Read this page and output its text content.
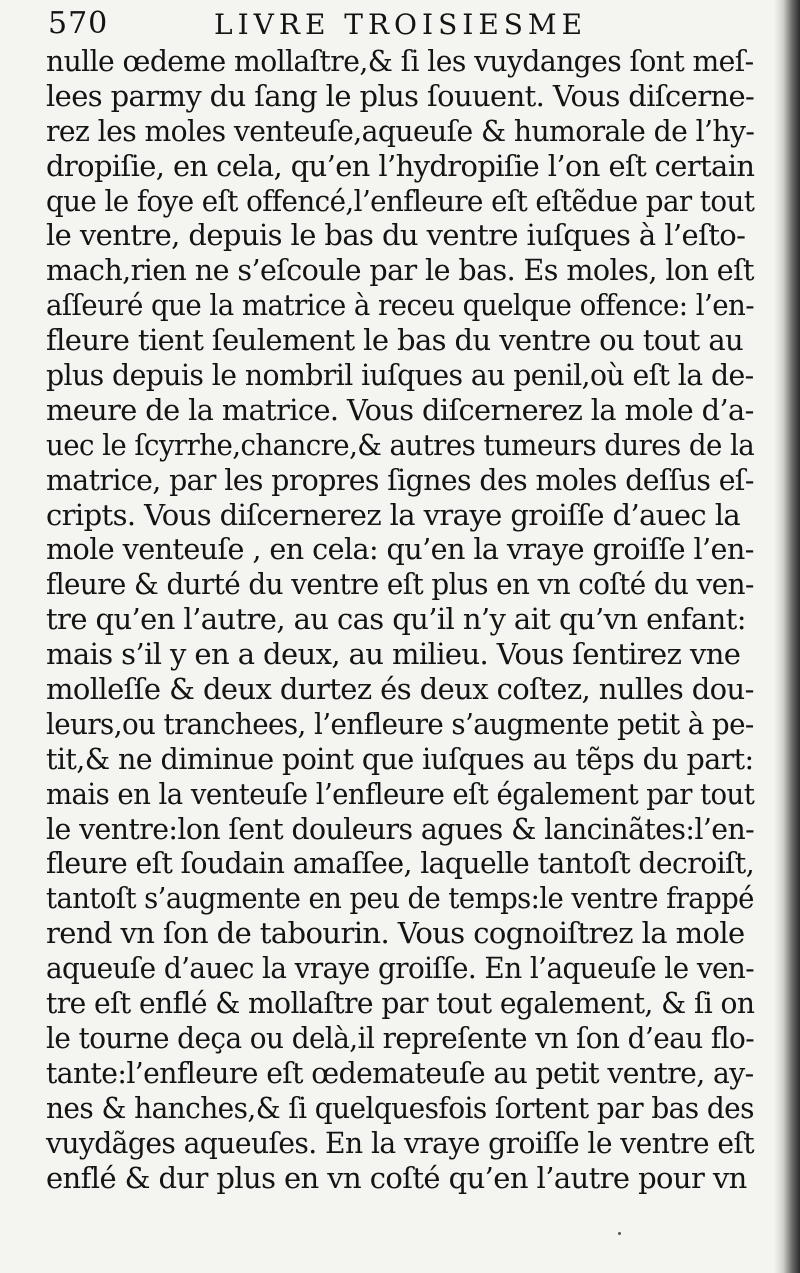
570	LIVRE TROISIESME
nulle œdeme mollaſtre,& ſi les vuydanges ſont meſ-
lees parmy du ſang le plus ſouuent. Vous diſcerne-
rez les moles venteuſe,aqueuſe & humorale de l’hy-
dropiſie, en cela, qu’en l’hydropiſie l’on eſt certain
que le foye eſt offencé,l’enfleure eſt eſtẽdue par tout
le ventre, depuis le bas du ventre iuſques à l’eſto-
mach,rien ne s’eſcoule par le bas. Es moles, lon eſt
aſſeuré que la matrice à receu quelque offence: l’en-
fleure tient ſeulement le bas du ventre ou tout au
plus depuis le nombril iuſques au penil,où eſt la de-
meure de la matrice. Vous diſcernerez la mole d’a-
uec le ſcyrrhe,chancre,& autres tumeurs dures de la
matrice, par les propres ſignes des moles deſſus eſ-
cripts. Vous diſcernerez la vraye groiſſe d’auec la
mole venteuſe , en cela: qu’en la vraye groiſſe l’en-
fleure & durté du ventre eſt plus en vn coſté du ven-
tre qu’en l’autre, au cas qu’il n’y ait qu’vn enfant:
mais s’il y en a deux, au milieu. Vous ſentirez vne
molleſſe & deux durtez és deux coſtez, nulles dou-
leurs,ou tranchees, l’enfleure s’augmente petit à pe-
tit,& ne diminue point que iuſques au tẽps du part:
mais en la venteuſe l’enfleure eſt également par tout
le ventre:lon ſent douleurs agues & lancinãtes:l’en-
fleure eſt ſoudain amaſſee, laquelle tantoſt decroiſt,
tantoſt s’augmente en peu de temps:le ventre frappé
rend vn ſon de tabourin. Vous cognoiſtrez la mole
aqueuſe d’auec la vraye groiſſe. En l’aqueuſe le ven-
tre eſt enflé & mollaſtre par tout egalement, & ſi on
le tourne deça ou delà,il repreſente vn ſon d’eau flo-
tante:l’enfleure eſt œdemateuſe au petit ventre, ay-
nes & hanches,& ſi quelquesfois ſortent par bas des
vuydãges aqueuſes. En la vraye groiſſe le ventre eſt
enflé & dur plus en vn coſté qu’en l’autre pour vn
